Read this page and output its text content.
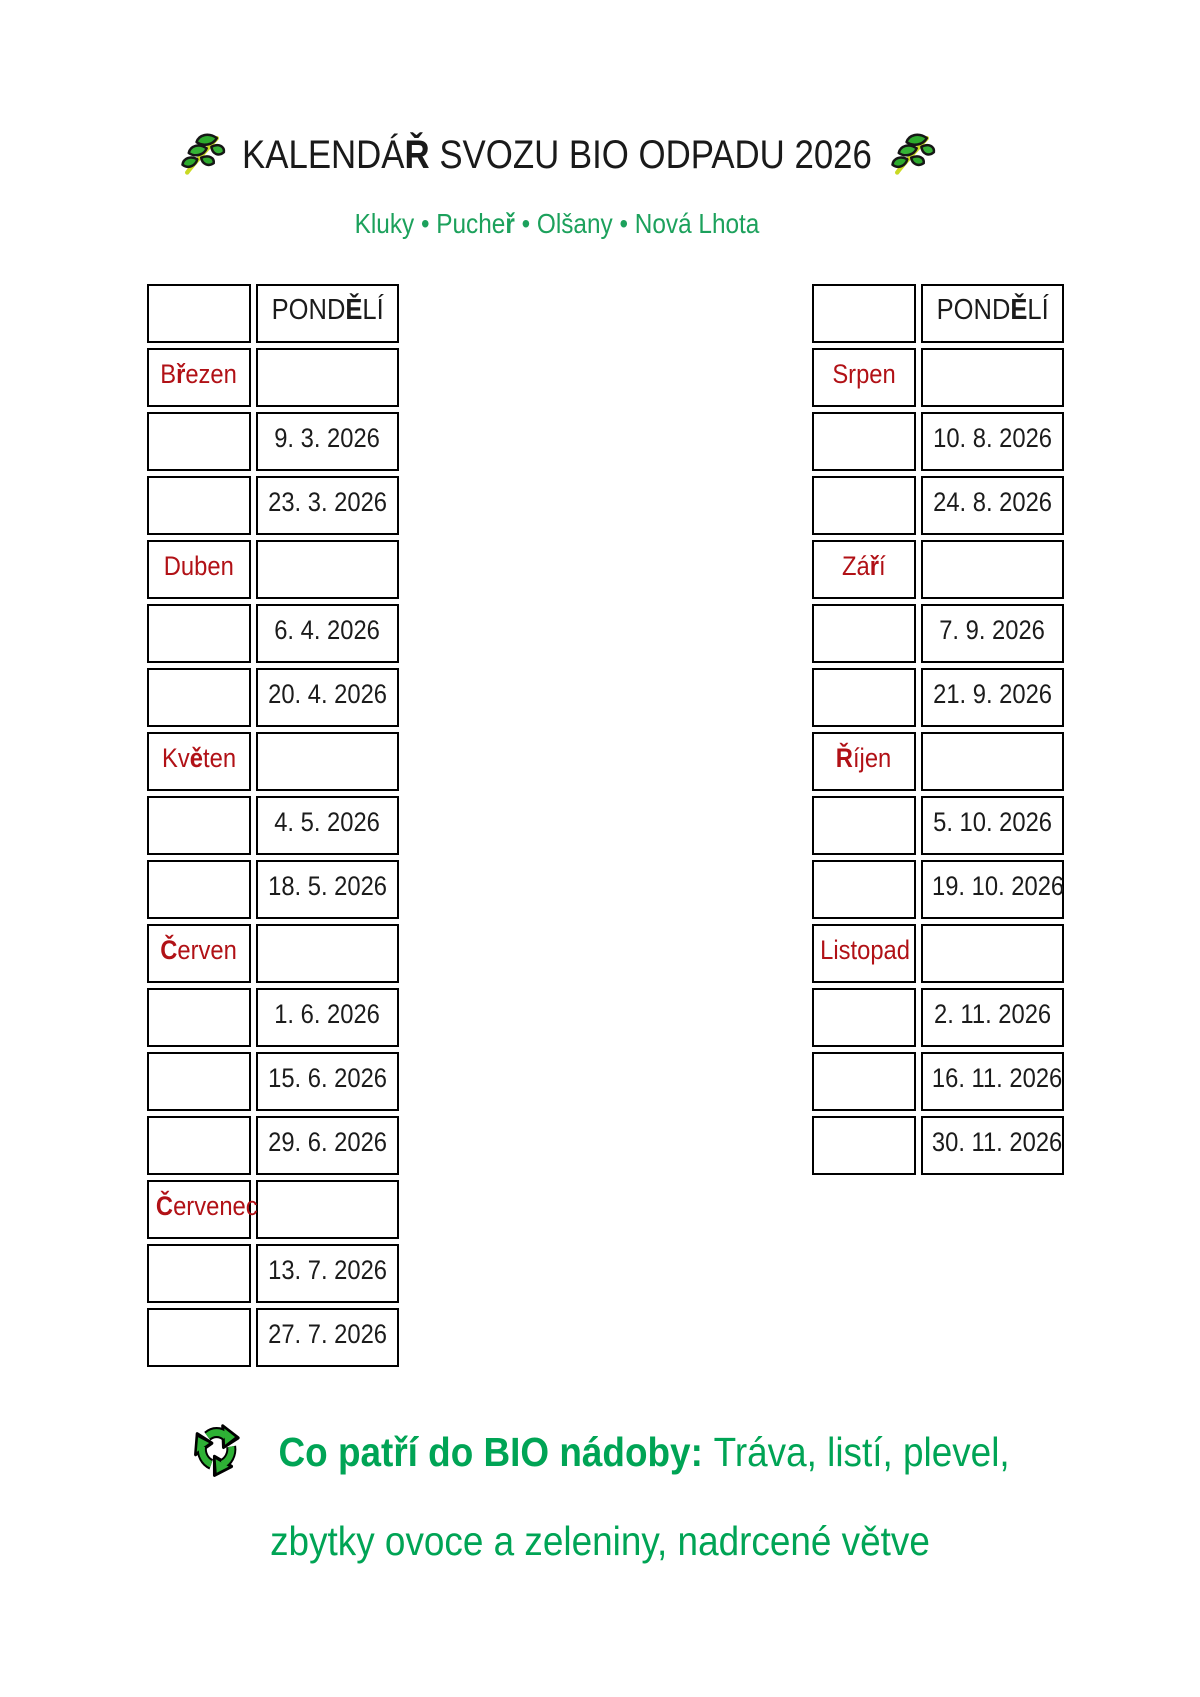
KALENDÁŘ SVOZU BIO ODPADU 2026
Kluky • Pucheř • Olšany • Nová Lhota
PONDĚLÍ
Březen
9. 3. 2026
23. 3. 2026
Duben
6. 4. 2026
20. 4. 2026
Květen
4. 5. 2026
18. 5. 2026
Červen
1. 6. 2026
15. 6. 2026
29. 6. 2026
Červenec
13. 7. 2026
27. 7. 2026
PONDĚLÍ
Srpen
10. 8. 2026
24. 8. 2026
Září
7. 9. 2026
21. 9. 2026
Říjen
5. 10. 2026
19. 10. 2026
Listopad
2. 11. 2026
16. 11. 2026
30. 11. 2026
Co patří do BIO nádoby: Tráva, listí, plevel,
zbytky ovoce a zeleniny, nadrcené větve
